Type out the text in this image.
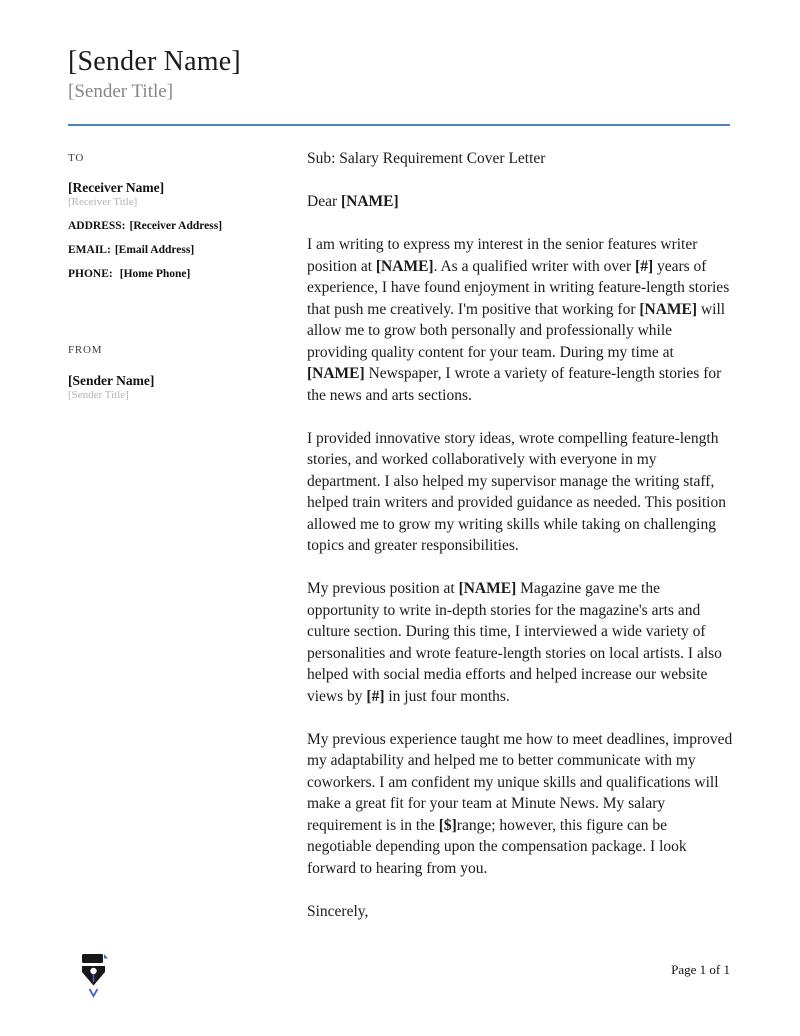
[Sender Name]
[Sender Title]
TO
[Receiver Name]
[Receiver Title]
ADDRESS: [Receiver Address]
EMAIL: [Email Address]
PHONE: [Home Phone]
FROM
[Sender Name]
[Sender Title]

Sub: Salary Requirement Cover Letter

Dear [NAME]

I am writing to express my interest in the senior features writer position at [NAME]. As a qualified writer with over [#] years of experience, I have found enjoyment in writing feature-length stories that push me creatively. I'm positive that working for [NAME] will allow me to grow both personally and professionally while providing quality content for your team. During my time at [NAME] Newspaper, I wrote a variety of feature-length stories for the news and arts sections.

I provided innovative story ideas, wrote compelling feature-length stories, and worked collaboratively with everyone in my department. I also helped my supervisor manage the writing staff, helped train writers and provided guidance as needed. This position allowed me to grow my writing skills while taking on challenging topics and greater responsibilities.

My previous position at [NAME] Magazine gave me the opportunity to write in-depth stories for the magazine's arts and culture section. During this time, I interviewed a wide variety of personalities and wrote feature-length stories on local artists. I also helped with social media efforts and helped increase our website views by [#] in just four months.

My previous experience taught me how to meet deadlines, improved my adaptability and helped me to better communicate with my coworkers. I am confident my unique skills and qualifications will make a great fit for your team at Minute News. My salary requirement is in the [$]range; however, this figure can be negotiable depending upon the compensation package. I look forward to hearing from you.

Sincerely,

Page 1 of 1
